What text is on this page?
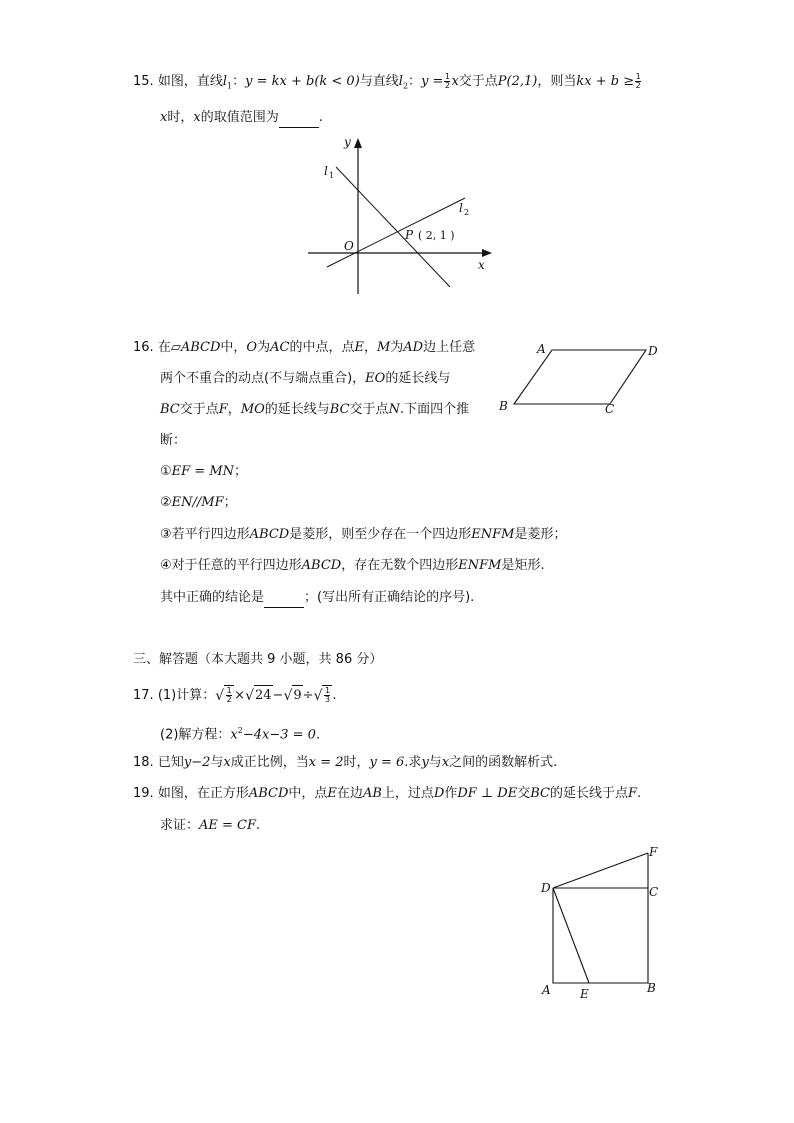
15. 如图，直线$l_1$：y = kx + b(k < 0)与直线$l_2$：$y = \frac{1}{2}$ x交于点P(2,1)，则当kx + $b \ge \frac{1}{2}$
x时，x的取值范围为	.
y
x
O
l 1
l 2
P ( 2, 1 )
16. 在▱ABCD中，O为AC的中点，点E，M为AD边上任意
两个不重合的动点(不与端点重合)，EO的延长线与
BC交于点F，MO的延长线与BC交于点N.下面四个推
断：
①EF = MN；
②EN//MF；
③若平行四边形ABCD是菱形，则至少存在一个四边形ENFM是菱形；
④对于任意的平行四边形ABCD，存在无数个四边形ENFM是矩形.
其中正确的结论是	；(写出所有正确结论的序号).
A	D
B	C
三、解答题（本大题共 9 小题，共 86 分）
17. (1)计算： √ $\frac{1}{2}$ × √ 24 − √ 9 ÷ √ $\frac{1}{3}$ .
(2)解方程：$x^2-4x-3 = 0$.
18. 已知y−2与x成正比例，当x = 2时，y = 6.求y与x之间的函数解析式.
19. 如图，在正方形ABCD中，点E在边AB上，过点D作DF ⊥ DE交BC的延长线于点F.
求证：AE = CF.
F
D	C
A E	B
